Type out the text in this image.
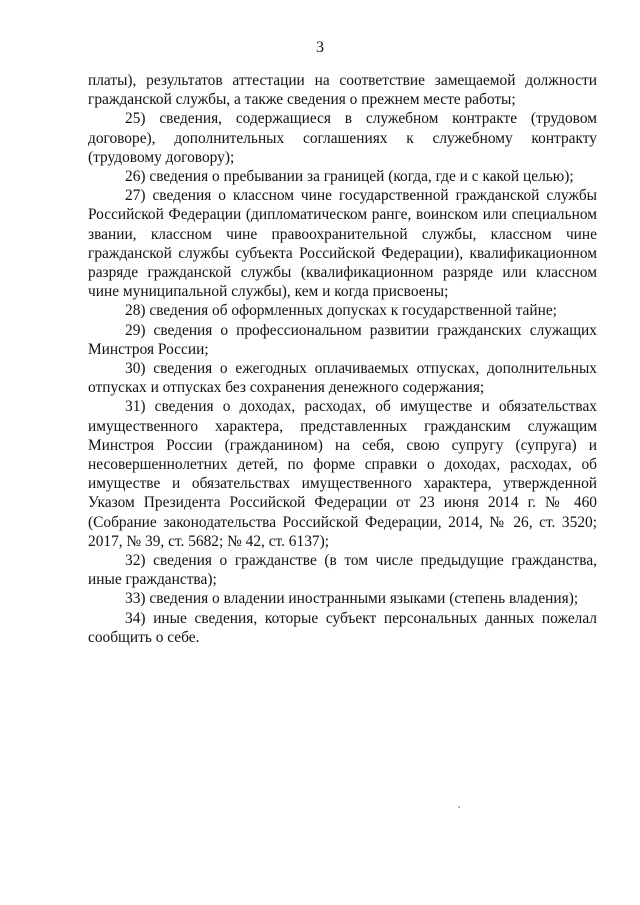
3

платы), результатов аттестации на соответствие замещаемой должности гражданской службы, а также сведения о прежнем месте работы;

25) сведения, содержащиеся в служебном контракте (трудовом договоре), дополнительных соглашениях к служебному контракту (трудовому договору);

26) сведения о пребывании за границей (когда, где и с какой целью);

27) сведения о классном чине государственной гражданской службы Российской Федерации (дипломатическом ранге, воинском или специальном звании, классном чине правоохранительной службы, классном чине гражданской службы субъекта Российской Федерации), квалификационном разряде гражданской службы (квалификационном разряде или классном чине муниципальной службы), кем и когда присвоены;

28) сведения об оформленных допусках к государственной тайне;

29) сведения о профессиональном развитии гражданских служащих Минстроя России;

30) сведения о ежегодных оплачиваемых отпусках, дополнительных отпусках и отпусках без сохранения денежного содержания;

31) сведения о доходах, расходах, об имуществе и обязательствах имущественного характера, представленных гражданским служащим Минстроя России (гражданином) на себя, свою супругу (супруга) и несовершеннолетних детей, по форме справки о доходах, расходах, об имуществе и обязательствах имущественного характера, утвержденной Указом Президента Российской Федерации от 23 июня 2014 г. № 460 (Собрание законодательства Российской Федерации, 2014, № 26, ст. 3520; 2017, № 39, ст. 5682; № 42, ст. 6137);

32) сведения о гражданстве (в том числе предыдущие гражданства, иные гражданства);

33) сведения о владении иностранными языками (степень владения);

34) иные сведения, которые субъект персональных данных пожелал сообщить о себе.
